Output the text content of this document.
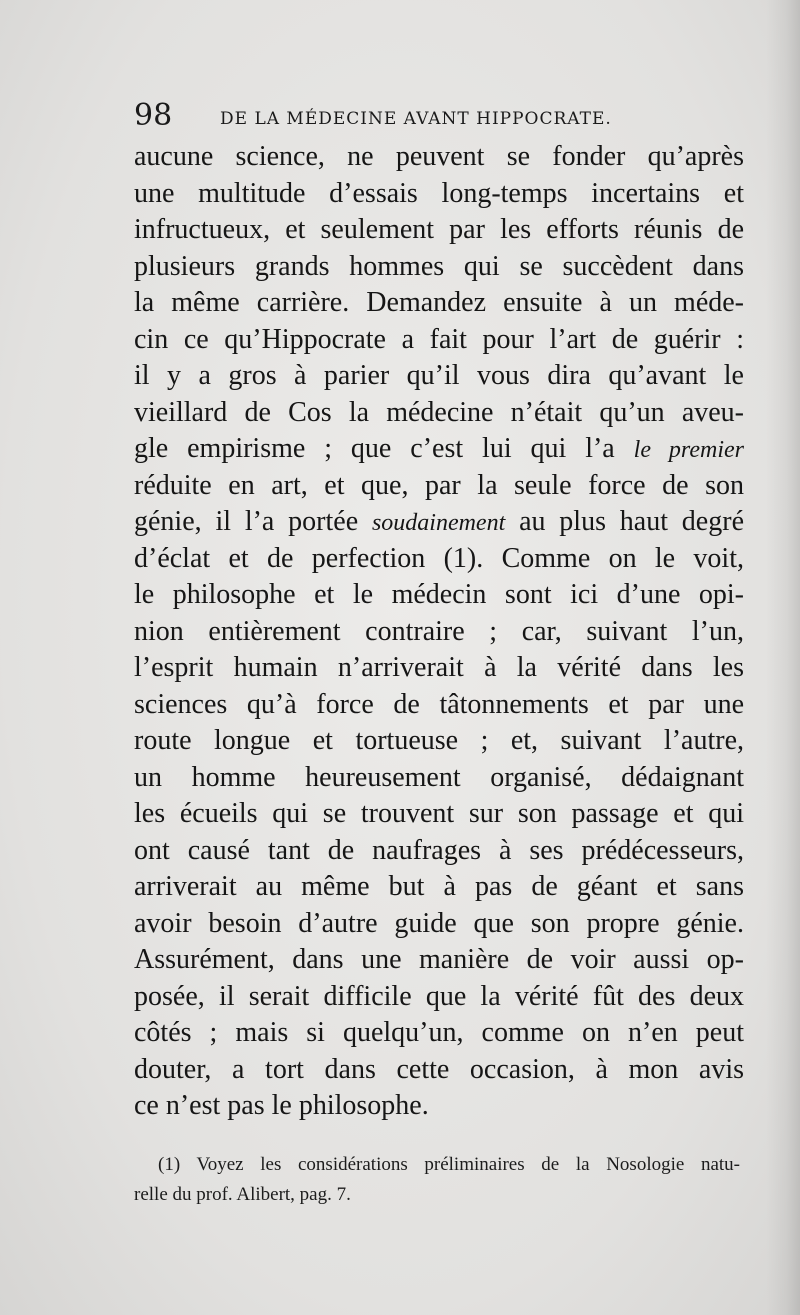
98	DE LA MÉDECINE AVANT HIPPOCRATE.
aucune science, ne peuvent se fonder qu’après
une multitude d’essais long-temps incertains et
infructueux, et seulement par les efforts réunis de
plusieurs grands hommes qui se succèdent dans
la même carrière. Demandez ensuite à un méde-
cin ce qu’Hippocrate a fait pour l’art de guérir :
il y a gros à parier qu’il vous dira qu’avant le
vieillard de Cos la médecine n’était qu’un aveu-
gle empirisme ; que c’est lui qui l’a le premier
réduite en art, et que, par la seule force de son
génie, il l’a portée soudainement au plus haut degré
d’éclat et de perfection (1). Comme on le voit,
le philosophe et le médecin sont ici d’une opi-
nion entièrement contraire ; car, suivant l’un,
l’esprit humain n’arriverait à la vérité dans les
sciences qu’à force de tâtonnements et par une
route longue et tortueuse ; et, suivant l’autre,
un homme heureusement organisé, dédaignant
les écueils qui se trouvent sur son passage et qui
ont causé tant de naufrages à ses prédécesseurs,
arriverait au même but à pas de géant et sans
avoir besoin d’autre guide que son propre génie.
Assurément, dans une manière de voir aussi op-
posée, il serait difficile que la vérité fût des deux
côtés ; mais si quelqu’un, comme on n’en peut
douter, a tort dans cette occasion, à mon avis
ce n’est pas le philosophe.
(1) Voyez les considérations préliminaires de la Nosologie natu-
relle du prof. Alibert, pag. 7.
